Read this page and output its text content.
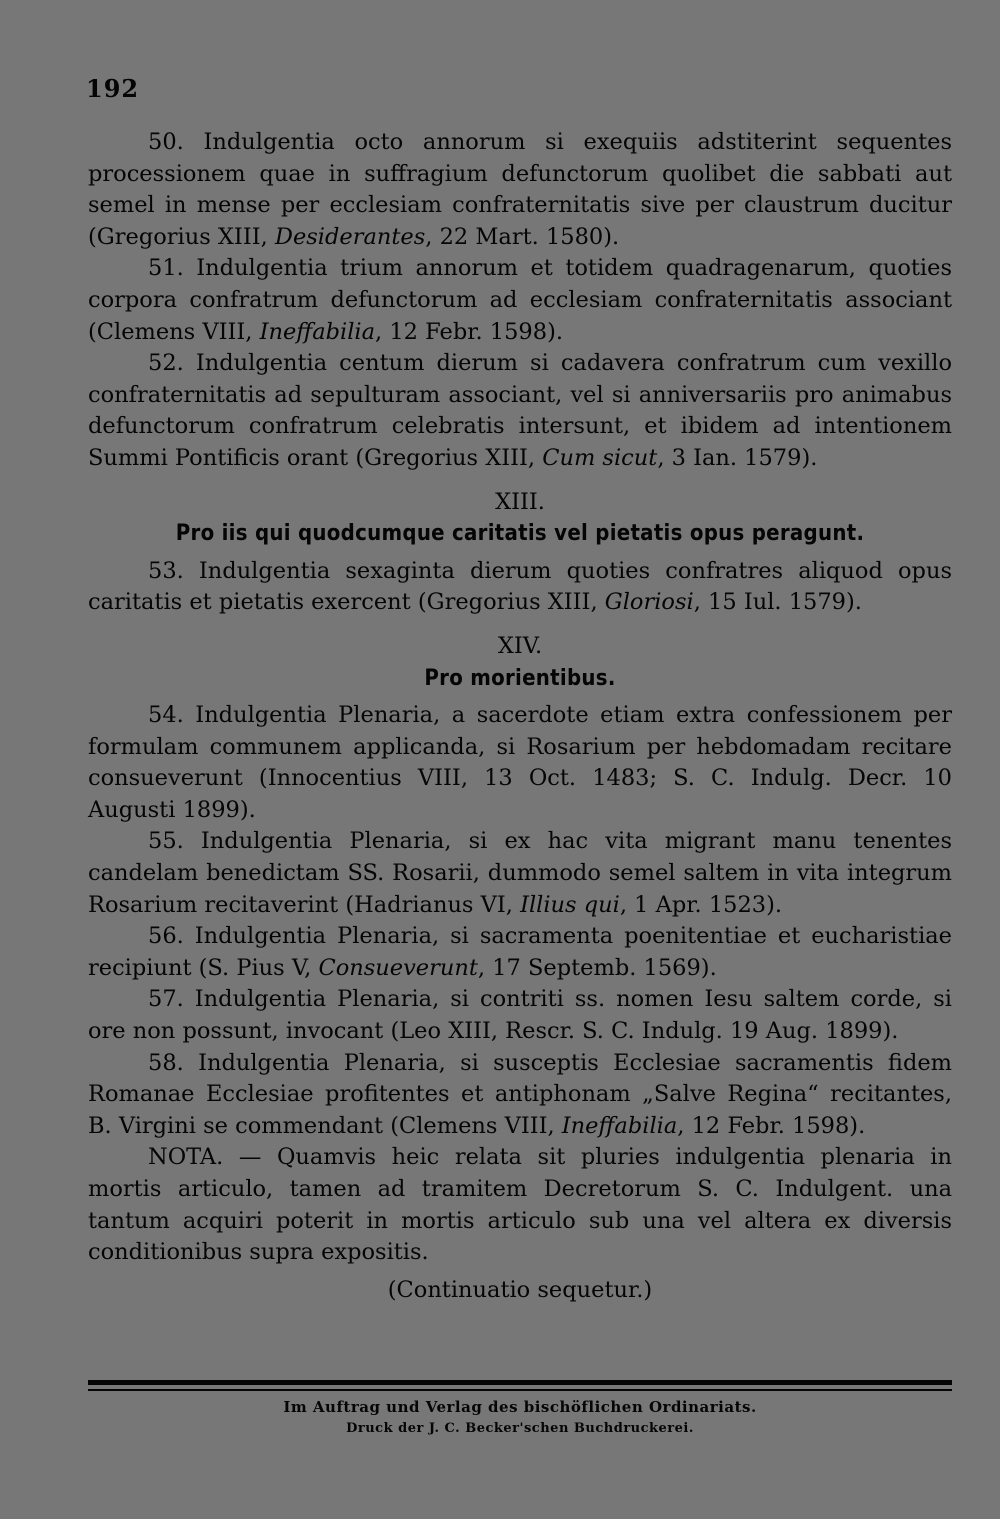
192

50. Indulgentia octo annorum si exequiis adstiterint sequentes processionem quae in suffragium defunctorum quolibet die sabbati aut semel in mense per ecclesiam confraternitatis sive per claustrum ducitur (Gregorius XIII, Desiderantes, 22 Mart. 1580).

51. Indulgentia trium annorum et totidem quadragenarum, quoties corpora confratrum defunctorum ad ecclesiam confraternitatis associant (Clemens VIII, Ineffabilia, 12 Febr. 1598).

52. Indulgentia centum dierum si cadavera confratrum cum vexillo confraternitatis ad sepulturam associant, vel si anniversariis pro animabus defunctorum confratrum celebratis intersunt, et ibidem ad intentionem Summi Pontificis orant (Gregorius XIII, Cum sicut, 3 Ian. 1579).

XIII.
Pro iis qui quodcumque caritatis vel pietatis opus peragunt.

53. Indulgentia sexaginta dierum quoties confratres aliquod opus caritatis et pietatis exercent (Gregorius XIII, Gloriosi, 15 Iul. 1579).

XIV.
Pro morientibus.

54. Indulgentia Plenaria, a sacerdote etiam extra confessionem per formulam communem applicanda, si Rosarium per hebdomadam recitare consueverunt (Innocentius VIII, 13 Oct. 1483; S. C. Indulg. Decr. 10 Augusti 1899).

55. Indulgentia Plenaria, si ex hac vita migrant manu tenentes candelam benedictam SS. Rosarii, dummodo semel saltem in vita integrum Rosarium recitaverint (Hadrianus VI, Illius qui, 1 Apr. 1523).

56. Indulgentia Plenaria, si sacramenta poenitentiae et eucharistiae recipiunt (S. Pius V, Consueverunt, 17 Septemb. 1569).

57. Indulgentia Plenaria, si contriti ss. nomen Iesu saltem corde, si ore non possunt, invocant (Leo XIII, Rescr. S. C. Indulg. 19 Aug. 1899).

58. Indulgentia Plenaria, si susceptis Ecclesiae sacramentis fidem Romanae Ecclesiae profitentes et antiphonam „Salve Regina“ recitantes, B. Virgini se commendant (Clemens VIII, Ineffabilia, 12 Febr. 1598).

NOTA. — Quamvis heic relata sit pluries indulgentia plenaria in mortis articulo, tamen ad tramitem Decretorum S. C. Indulgent. una tantum acquiri poterit in mortis articulo sub una vel altera ex diversis conditionibus supra expositis.

(Continuatio sequetur.)
Im Auftrag und Verlag des bischöflichen Ordinariats.
Druck der J. C. Becker'schen Buchdruckerei.
